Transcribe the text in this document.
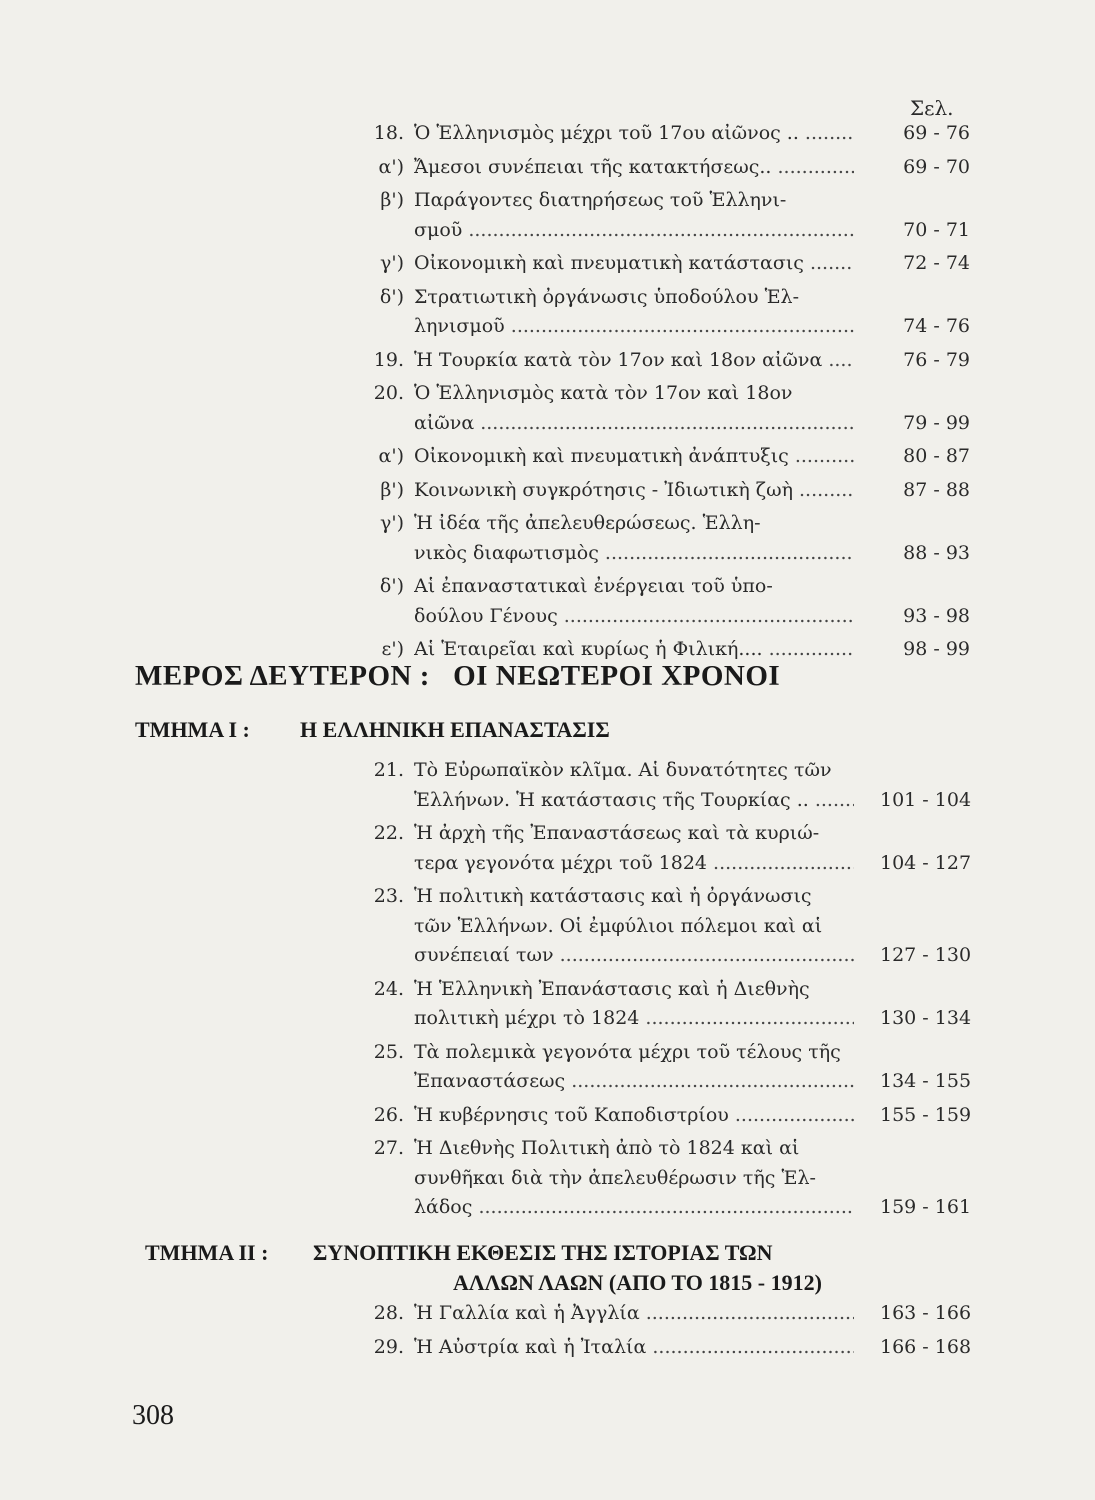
Σελ.
18. Ὁ Ἑλληνισμὸς μέχρι τοῦ 17ου αἰῶνος .. .....	69 - 76
α') Ἄμεσοι συνέπειαι τῆς κατακτήσεως.. .....	69 - 70
β') Παράγοντες διατηρήσεως τοῦ Ἑλληνι-
σμοῦ .....	70 - 71
γ') Οἰκονομικὴ καὶ πνευματικὴ κατάστασις .....	72 - 74
δ') Στρατιωτικὴ ὀργάνωσις ὑποδούλου Ἑλ-
ληνισμοῦ .....	74 - 76
19. Ἡ Τουρκία κατὰ τὸν 17ον καὶ 18ον αἰῶνα .....	76 - 79
20. Ὁ Ἑλληνισμὸς κατὰ τὸν 17ον καὶ 18ον
αἰῶνα .....	79 - 99
α') Οἰκονομικὴ καὶ πνευματικὴ ἀνάπτυξις .....	80 - 87
β') Κοινωνικὴ συγκρότησις - Ἰδιωτικὴ ζωὴ .....	87 - 88
γ') Ἡ ἰδέα τῆς ἀπελευθερώσεως. Ἑλλη-
νικὸς διαφωτισμὸς .....	88 - 93
δ') Αἱ ἐπαναστατικαὶ ἐνέργειαι τοῦ ὑπο-
δούλου Γένους .....	93 - 98
ε') Αἱ Ἑταιρεῖαι καὶ κυρίως ἡ Φιλική.... .....	98 - 99
ΜΕΡΟΣ ΔΕΥΤΕΡΟΝ :   ΟΙ ΝΕΩΤΕΡΟΙ ΧΡΟΝΟΙ
ΤΜΗΜΑ Ι : Η ΕΛΛΗΝΙΚΗ ΕΠΑΝΑΣΤΑΣΙΣ
21. Τὸ Εὐρωπαϊκὸν κλῖμα. Αἱ δυνατότητες τῶν
Ἑλλήνων. Ἡ κατάστασις τῆς Τουρκίας .. .....	101 - 104
22. Ἡ ἀρχὴ τῆς Ἐπαναστάσεως καὶ τὰ κυριώ-
τερα γεγονότα μέχρι τοῦ 1824 .....	104 - 127
23. Ἡ πολιτικὴ κατάστασις καὶ ἡ ὀργάνωσις
τῶν Ἑλλήνων. Οἱ ἐμφύλιοι πόλεμοι καὶ αἱ
συνέπειαί των .....	127 - 130
24. Ἡ Ἑλληνικὴ Ἐπανάστασις καὶ ἡ Διεθνὴς
πολιτικὴ μέχρι τὸ 1824 .....	130 - 134
25. Τὰ πολεμικὰ γεγονότα μέχρι τοῦ τέλους τῆς
Ἐπαναστάσεως .....	134 - 155
26. Ἡ κυβέρνησις τοῦ Καποδιστρίου .....	155 - 159
27. Ἡ Διεθνὴς Πολιτικὴ ἀπὸ τὸ 1824 καὶ αἱ
συνθῆκαι διὰ τὴν ἀπελευθέρωσιν τῆς Ἑλ-
λάδος .....	159 - 161
ΤΜΗΜΑ ΙΙ : ΣΥΝΟΠΤΙΚΗ ΕΚΘΕΣΙΣ ΤΗΣ ΙΣΤΟΡΙΑΣ ΤΩΝ
ΑΛΛΩΝ ΛΑΩΝ (ΑΠΟ ΤΟ 1815 - 1912)
28. Ἡ Γαλλία καὶ ἡ Ἀγγλία .....	163 - 166
29. Ἡ Αὐστρία καὶ ἡ Ἰταλία .....	166 - 168
308
